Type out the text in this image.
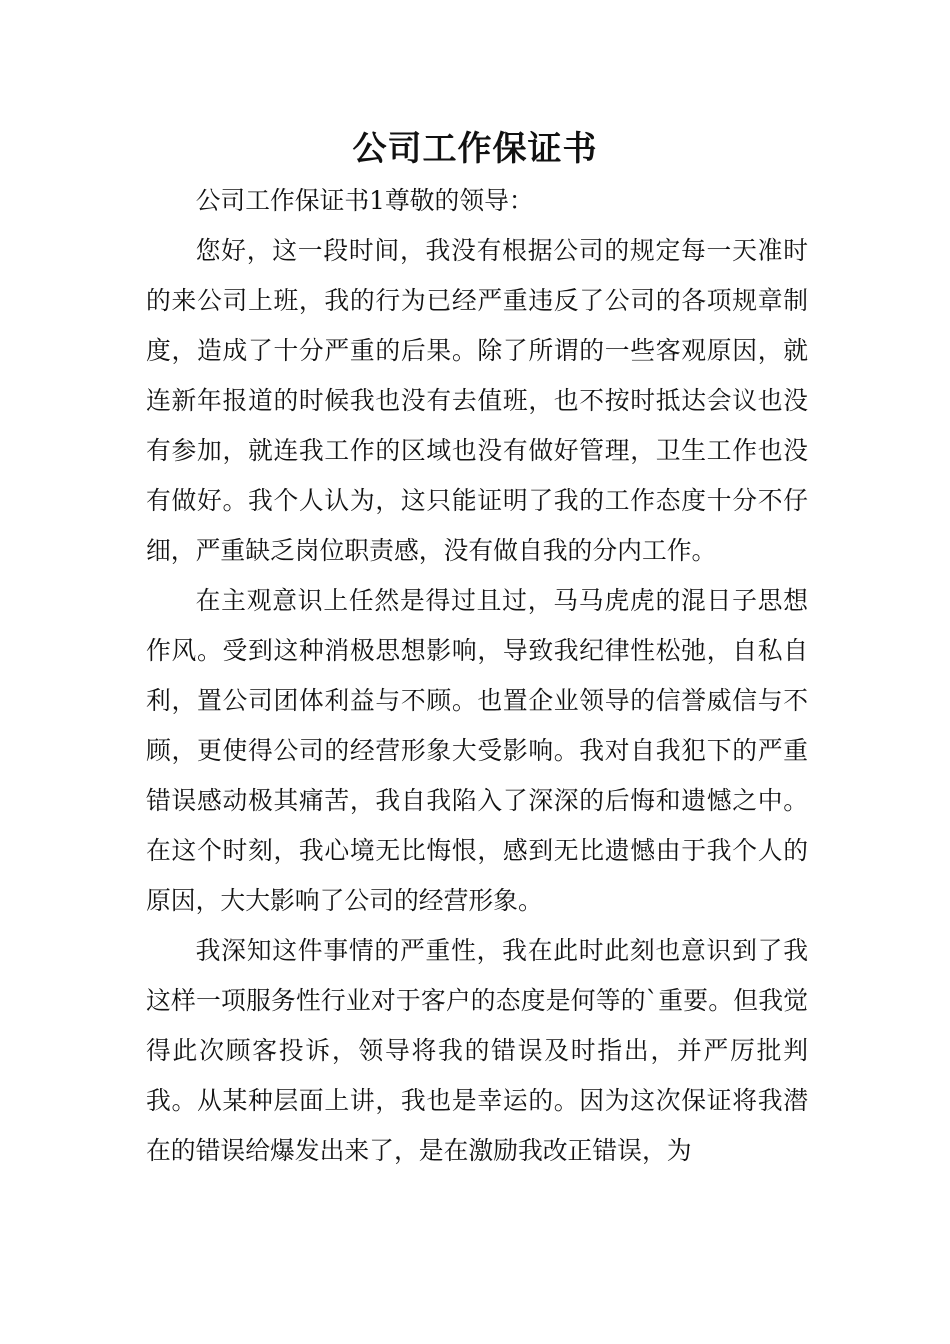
公司工作保证书

公司工作保证书1尊敬的领导：

您好，这一段时间，我没有根据公司的规定每一天准时的来公司上班，我的行为已经严重违反了公司的各项规章制度，造成了十分严重的后果。除了所谓的一些客观原因，就连新年报道的时候我也没有去值班，也不按时抵达会议也没有参加，就连我工作的区域也没有做好管理，卫生工作也没有做好。我个人认为，这只能证明了我的工作态度十分不仔细，严重缺乏岗位职责感，没有做自我的分内工作。

在主观意识上任然是得过且过，马马虎虎的混日子思想作风。受到这种消极思想影响，导致我纪律性松弛，自私自利，置公司团体利益与不顾。也置企业领导的信誉威信与不顾，更使得公司的经营形象大受影响。我对自我犯下的严重错误感动极其痛苦，我自我陷入了深深的后悔和遗憾之中。在这个时刻，我心境无比悔恨，感到无比遗憾由于我个人的原因，大大影响了公司的经营形象。

我深知这件事情的严重性，我在此时此刻也意识到了我这样一项服务性行业对于客户的态度是何等的`重要。但我觉得此次顾客投诉，领导将我的错误及时指出，并严厉批判我。从某种层面上讲，我也是幸运的。因为这次保证将我潜在的错误给爆发出来了，是在激励我改正错误，为
